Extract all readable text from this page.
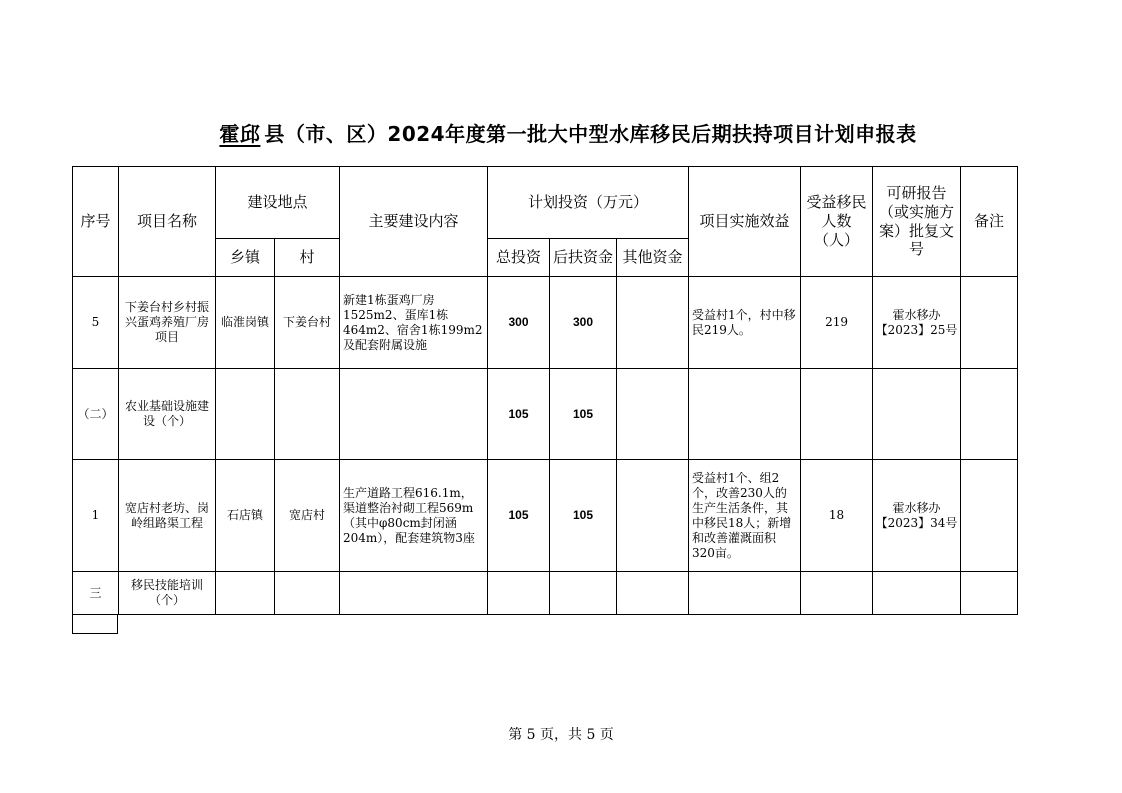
霍邱 县（市、区）2024年度第一批大中型水库移民后期扶持项目计划申报表
序号	项目名称	建设地点		主要建设内容	计划投资（万元）			项目实施效益	受益移民人数（人）	可研报告（或实施方案）批复文号	备注
		乡镇	村		总投资	后扶资金	其他资金				
5	下姜台村乡村振兴蛋鸡养殖厂房项目	临淮岗镇	下姜台村	新建1栋蛋鸡厂房1525m2、蛋库1栋464m2、宿舍1栋199m2及配套附属设施	300	300		受益村1个，村中移民219人。	219	霍水移办【2023】25号	
（二）	农业基础设施建设（个）				105	105					
1	宽店村老坊、岗岭组路渠工程	石店镇	宽店村	生产道路工程616.1m，渠道整治衬砌工程569m（其中φ80cm封闭涵204m），配套建筑物3座	105	105		受益村1个、组2个，改善230人的生产生活条件，其中移民18人；新增和改善灌溉面积320亩。	18	霍水移办【2023】34号	
三	移民技能培训（个）										
第 5 页，共 5 页
